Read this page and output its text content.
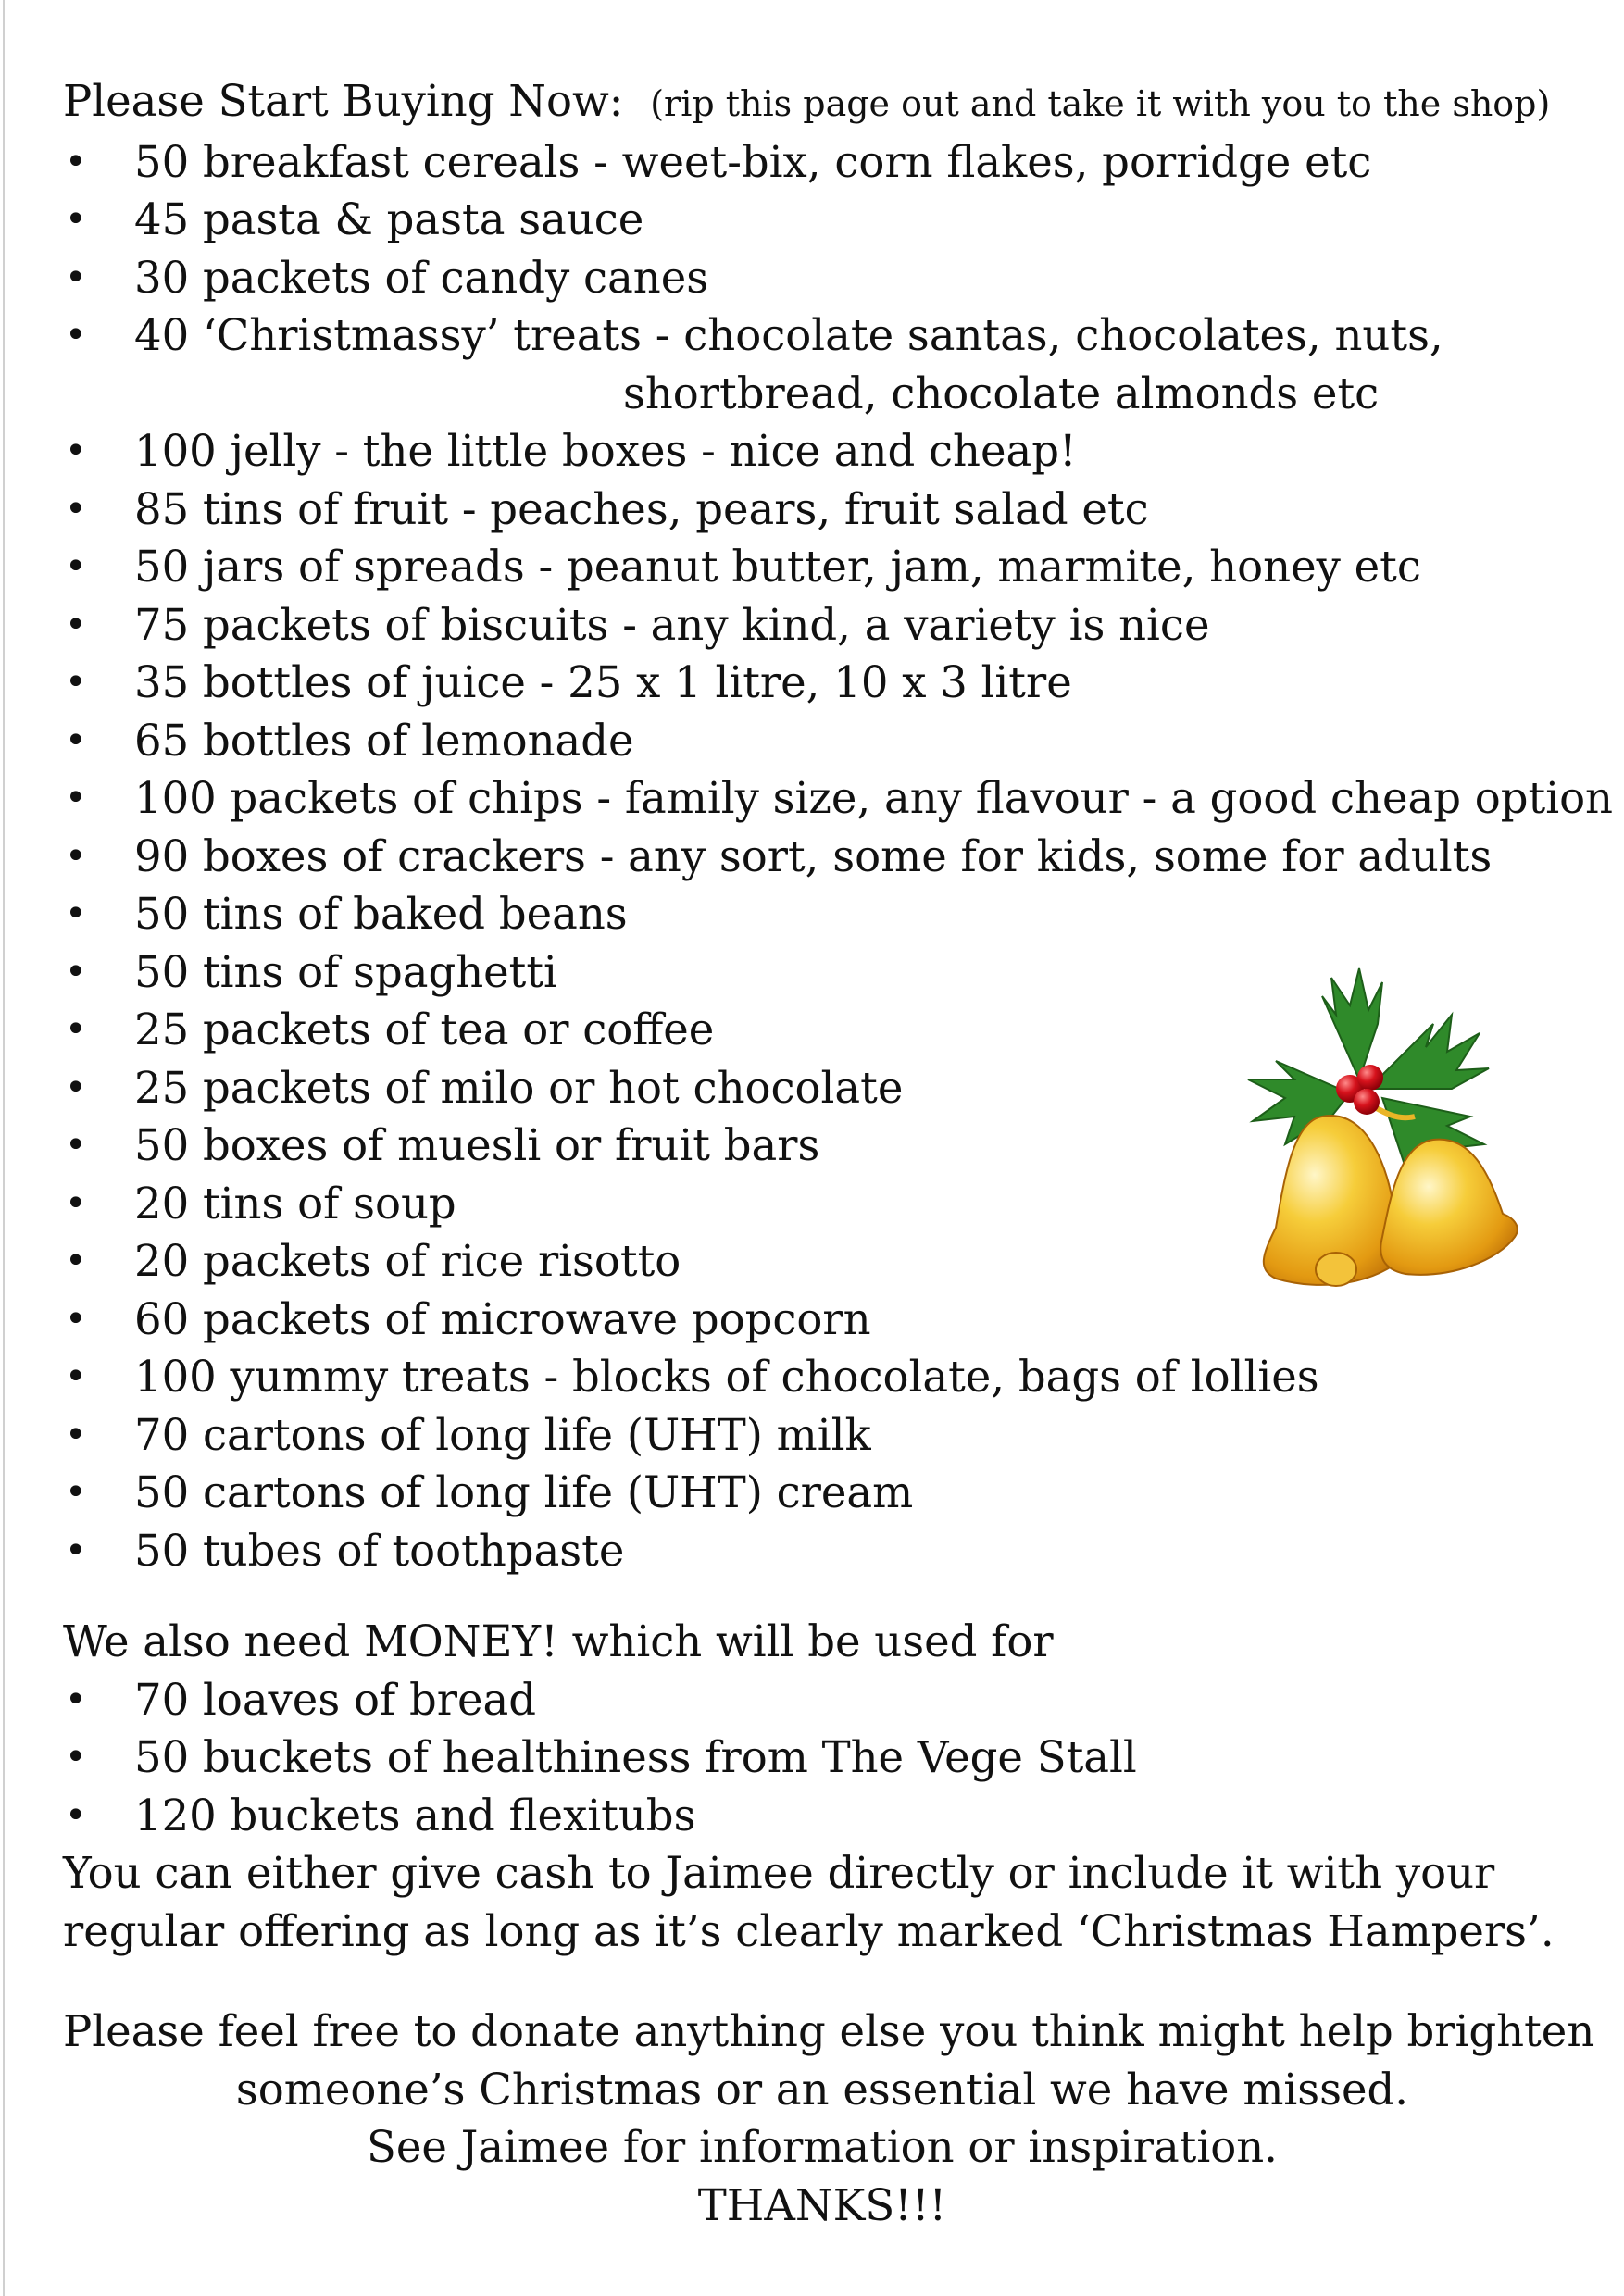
Please Start Buying Now: (rip this page out and take it with you to the shop)
• 50 breakfast cereals - weet-bix, corn flakes, porridge etc
• 45 pasta & pasta sauce
• 30 packets of candy canes
• 40 ‘Christmassy’ treats - chocolate santas, chocolates, nuts,
shortbread, chocolate almonds etc
• 100 jelly - the little boxes - nice and cheap!
• 85 tins of fruit - peaches, pears, fruit salad etc
• 50 jars of spreads - peanut butter, jam, marmite, honey etc
• 75 packets of biscuits - any kind, a variety is nice
• 35 bottles of juice - 25 x 1 litre, 10 x 3 litre
• 65 bottles of lemonade
• 100 packets of chips - family size, any flavour - a good cheap option
• 90 boxes of crackers - any sort, some for kids, some for adults
• 50 tins of baked beans
• 50 tins of spaghetti
• 25 packets of tea or coffee
• 25 packets of milo or hot chocolate
• 50 boxes of muesli or fruit bars
• 20 tins of soup
• 20 packets of rice risotto
• 60 packets of microwave popcorn
• 100 yummy treats - blocks of chocolate, bags of lollies
• 70 cartons of long life (UHT) milk
• 50 cartons of long life (UHT) cream
• 50 tubes of toothpaste
We also need MONEY! which will be used for
• 70 loaves of bread
• 50 buckets of healthiness from The Vege Stall
• 120 buckets and flexitubs
You can either give cash to Jaimee directly or include it with your
regular offering as long as it’s clearly marked ‘Christmas Hampers’.
Please feel free to donate anything else you think might help brighten
someone’s Christmas or an essential we have missed.
See Jaimee for information or inspiration.
THANKS!!!
